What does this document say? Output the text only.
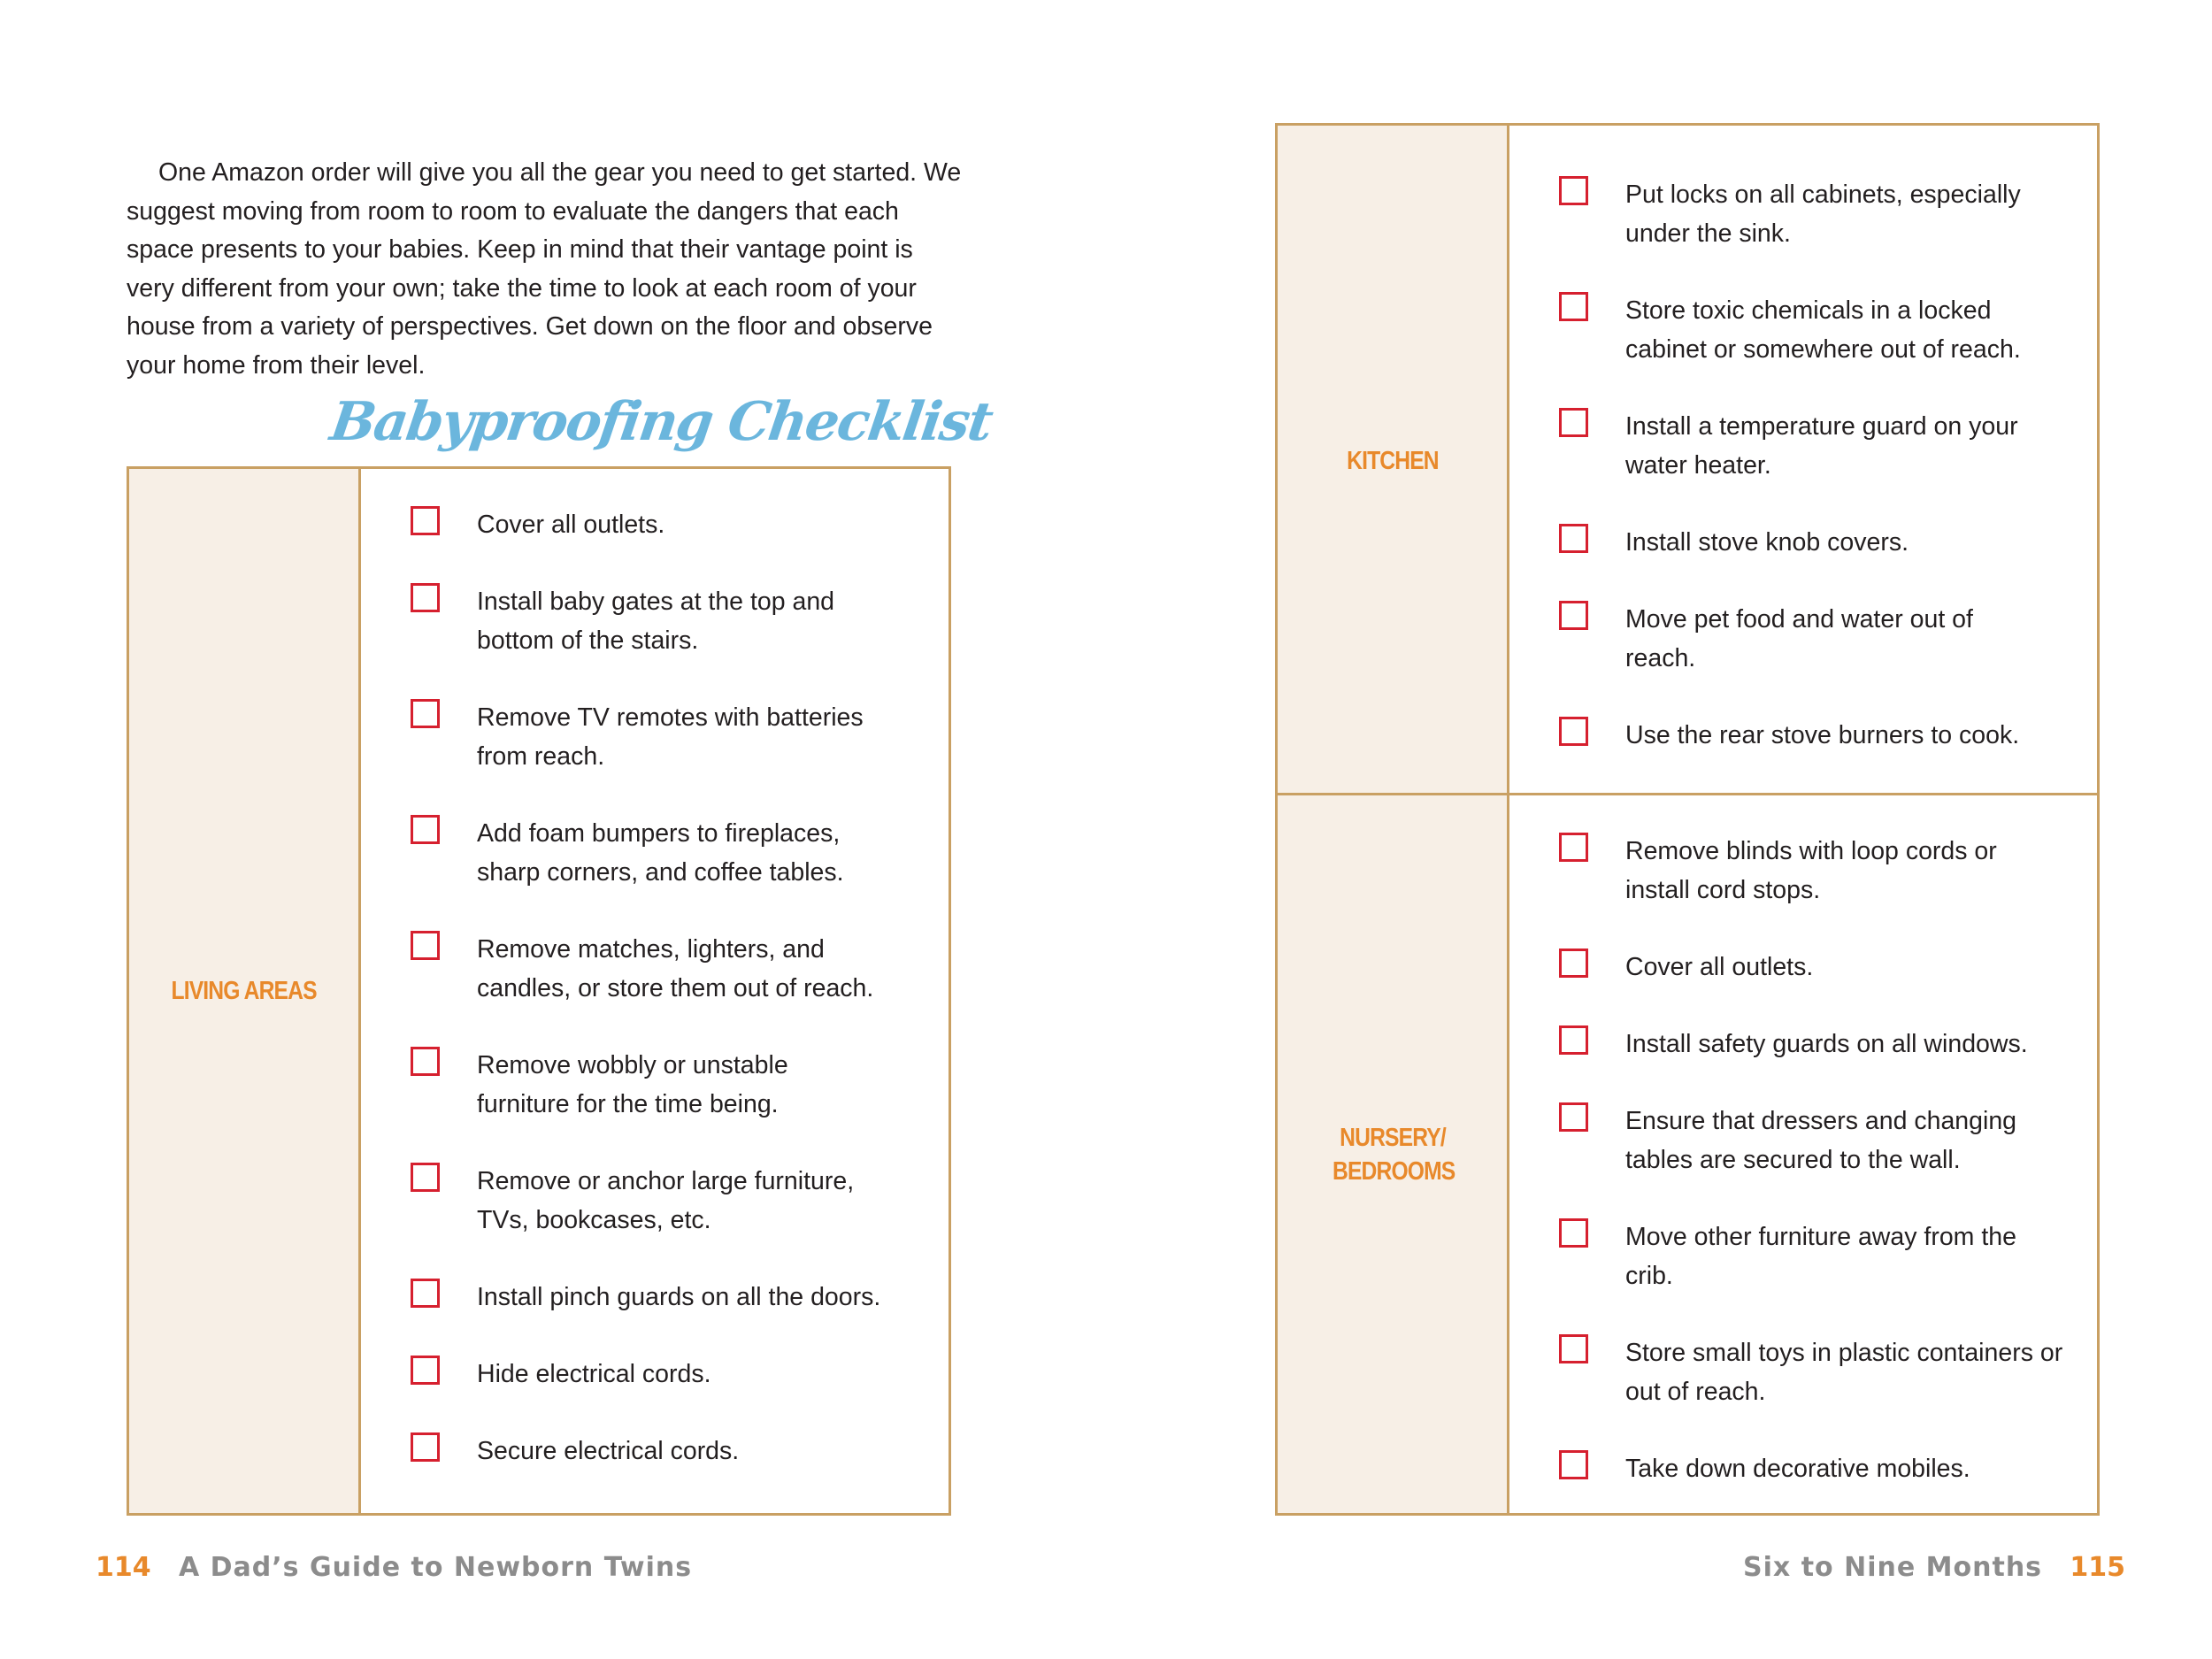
One Amazon order will give you all the gear you need to get started. We suggest moving from room to room to evaluate the dangers that each space presents to your babies. Keep in mind that their vantage point is very different from your own; take the time to look at each room of your house from a variety of perspectives. Get down on the floor and observe your home from their level.

Babyproofing Checklist

LIVING AREAS

Cover all outlets.

Install baby gates at the top and bottom of the stairs.

Remove TV remotes with batteries from reach.

Add foam bumpers to fireplaces, sharp corners, and coffee tables.

Remove matches, lighters, and candles, or store them out of reach.

Remove wobbly or unstable furniture for the time being.

Remove or anchor large furniture, TVs, bookcases, etc.

Install pinch guards on all the doors.

Hide electrical cords.

Secure electrical cords.

114 A Dad’s Guide to Newborn Twins

KITCHEN

Put locks on all cabinets, especially under the sink.

Store toxic chemicals in a locked cabinet or somewhere out of reach.

Install a temperature guard on your water heater.

Install stove knob covers.

Move pet food and water out of reach.

Use the rear stove burners to cook.

NURSERY/ BEDROOMS

Remove blinds with loop cords or install cord stops.

Cover all outlets.

Install safety guards on all windows.

Ensure that dressers and changing tables are secured to the wall.

Move other furniture away from the crib.

Store small toys in plastic containers or out of reach.

Take down decorative mobiles.

Six to Nine Months 115
